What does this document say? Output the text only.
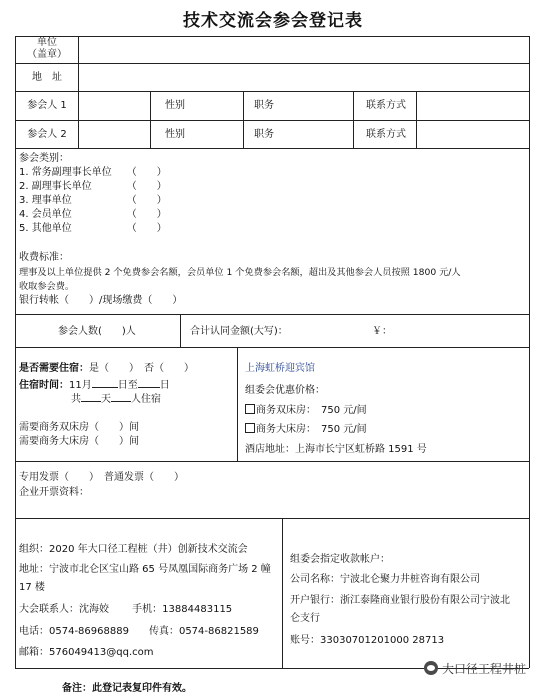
技术交流会参会登记表
单位
（盖章）
地　址
参会人 1	性别	职务	联系方式
参会人 2	性别	职务	联系方式
参会类别：
1. 常务副理事长单位　　（　　）
2. 副理事长单位　　　　（　　）
3. 理事单位　　　　　　（　　）
4. 会员单位　　　　　　（　　）
5. 其他单位　　　　　　（　　）
收费标准：
理事及以上单位提供 2 个免费参会名额，会员单位 1 个免费参会名额，超出及其他参会人员按照 1800 元/人
收取参会费。
银行转帐（　　）/现场缴费（　　）
参会人数(　　)人	合计认同金额(大写)：	￥：
是否需要住宿：是（　　）　否（　　）
住宿时间：11月	日至 日
共 天 人住宿
需要商务双床房（　　）间
需要商务大床房（　　）间
上海虹桥迎宾馆
组委会优惠价格：
商务双床房：　750 元/间
商务大床房：　750 元/间
酒店地址：上海市长宁区虹桥路 1591 号
专用发票（　　）　普通发票（　　）
企业开票资料：
组织：2020 年大口径工程桩（井）创新技术交流会
地址：宁波市北仑区宝山路 65 号凤凰国际商务广场 2 幢
17 楼
大会联系人：沈海姣　　 手机：13884483115
电话：0574-86968889　　传真：0574-86821589
邮箱：576049413@qq.com
组委会指定收款帐户：
公司名称：宁波北仑聚力井桩咨询有限公司
开户银行：浙江泰隆商业银行股份有限公司宁波北
仑支行
账号：33030701201000 28713
备注：此登记表复印件有效。
大口径工程井桩
